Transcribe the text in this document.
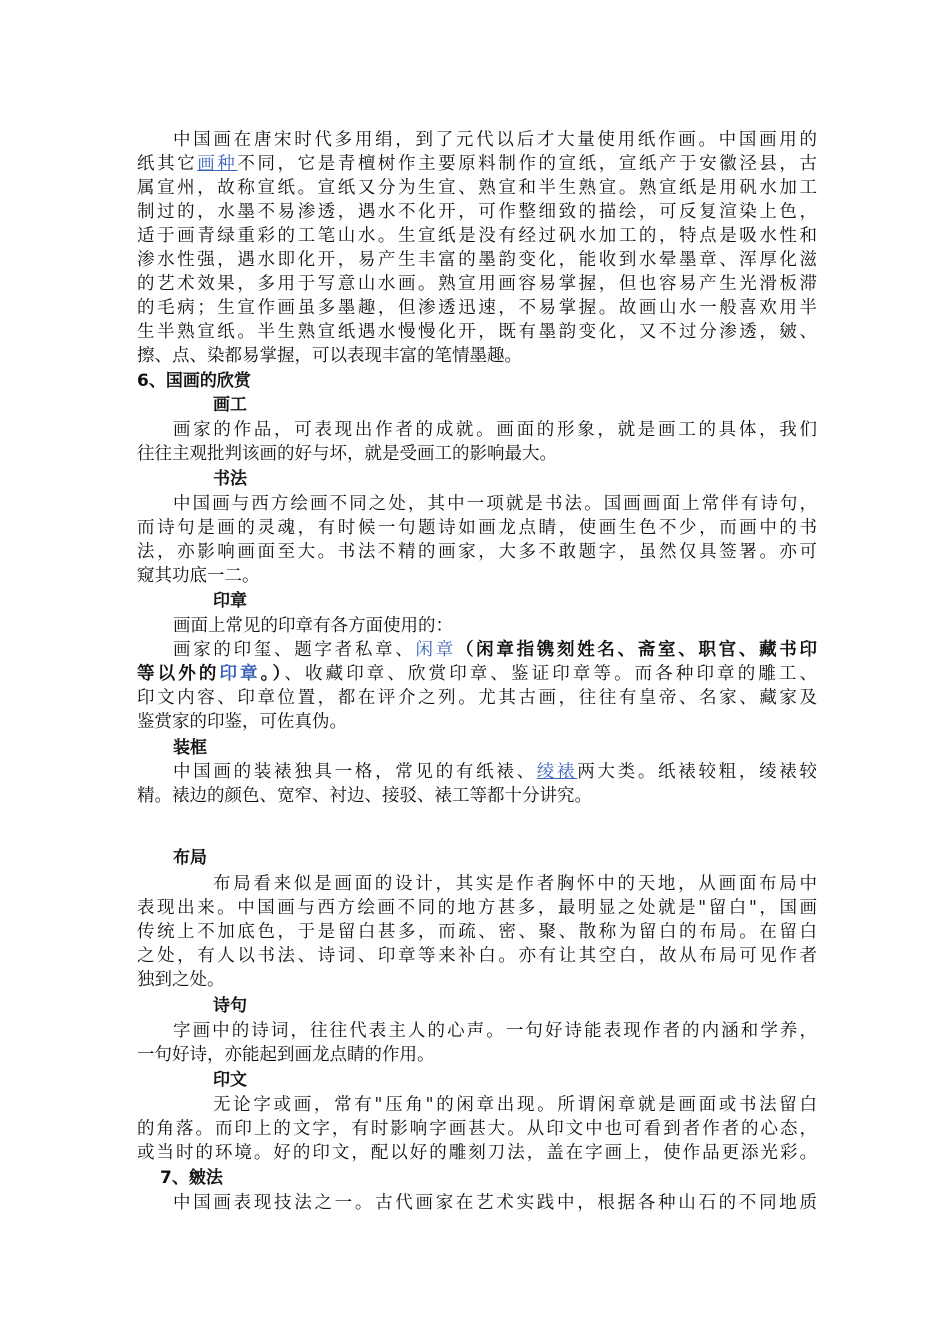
中国画在唐宋时代多用绢，到了元代以后才大量使用纸作画。中国画用的
纸其它画种不同，它是青檀树作主要原料制作的宣纸，宣纸产于安徽泾县，古
属宣州，故称宣纸。宣纸又分为生宣、熟宣和半生熟宣。熟宣纸是用矾水加工
制过的，水墨不易渗透，遇水不化开，可作整细致的描绘，可反复渲染上色，
适于画青绿重彩的工笔山水。生宣纸是没有经过矾水加工的，特点是吸水性和
渗水性强，遇水即化开，易产生丰富的墨韵变化，能收到水晕墨章、浑厚化滋
的艺术效果，多用于写意山水画。熟宣用画容易掌握，但也容易产生光滑板滞
的毛病；生宣作画虽多墨趣，但渗透迅速，不易掌握。故画山水一般喜欢用半
生半熟宣纸。半生熟宣纸遇水慢慢化开，既有墨韵变化，又不过分渗透，皴、
擦、点、染都易掌握，可以表现丰富的笔情墨趣。
6、国画的欣赏
画工
画家的作品，可表现出作者的成就。画面的形象，就是画工的具体，我们
往往主观批判该画的好与坏，就是受画工的影响最大。
书法
中国画与西方绘画不同之处，其中一项就是书法。国画画面上常伴有诗句，
而诗句是画的灵魂，有时候一句题诗如画龙点睛，使画生色不少，而画中的书
法，亦影响画面至大。书法不精的画家，大多不敢题字，虽然仅具签署。亦可
窥其功底一二。
印章
画面上常见的印章有各方面使用的：
画家的印玺、题字者私章、闲章（闲章指镌刻姓名、斋室、职官、藏书印
等以外的印章。）、收藏印章、欣赏印章、鉴证印章等。而各种印章的雕工、
印文内容、印章位置，都在评介之列。尤其古画，往往有皇帝、名家、藏家及
鉴赏家的印鉴，可佐真伪。
装框
中国画的装裱独具一格，常见的有纸裱、绫裱两大类。纸裱较粗，绫裱较
精。裱边的颜色、宽窄、衬边、接驳、裱工等都十分讲究。
布局
布局看来似是画面的设计，其实是作者胸怀中的天地，从画面布局中
表现出来。中国画与西方绘画不同的地方甚多，最明显之处就是"留白"，国画
传统上不加底色，于是留白甚多，而疏、密、聚、散称为留白的布局。在留白
之处，有人以书法、诗词、印章等来补白。亦有让其空白，故从布局可见作者
独到之处。
诗句
字画中的诗词，往往代表主人的心声。一句好诗能表现作者的内涵和学养，
一句好诗，亦能起到画龙点睛的作用。
印文
无论字或画，常有"压角"的闲章出现。所谓闲章就是画面或书法留白
的角落。而印上的文字，有时影响字画甚大。从印文中也可看到者作者的心态，
或当时的环境。好的印文，配以好的雕刻刀法，盖在字画上，使作品更添光彩。
7、皴法
中国画表现技法之一。古代画家在艺术实践中，根据各种山石的不同地质
